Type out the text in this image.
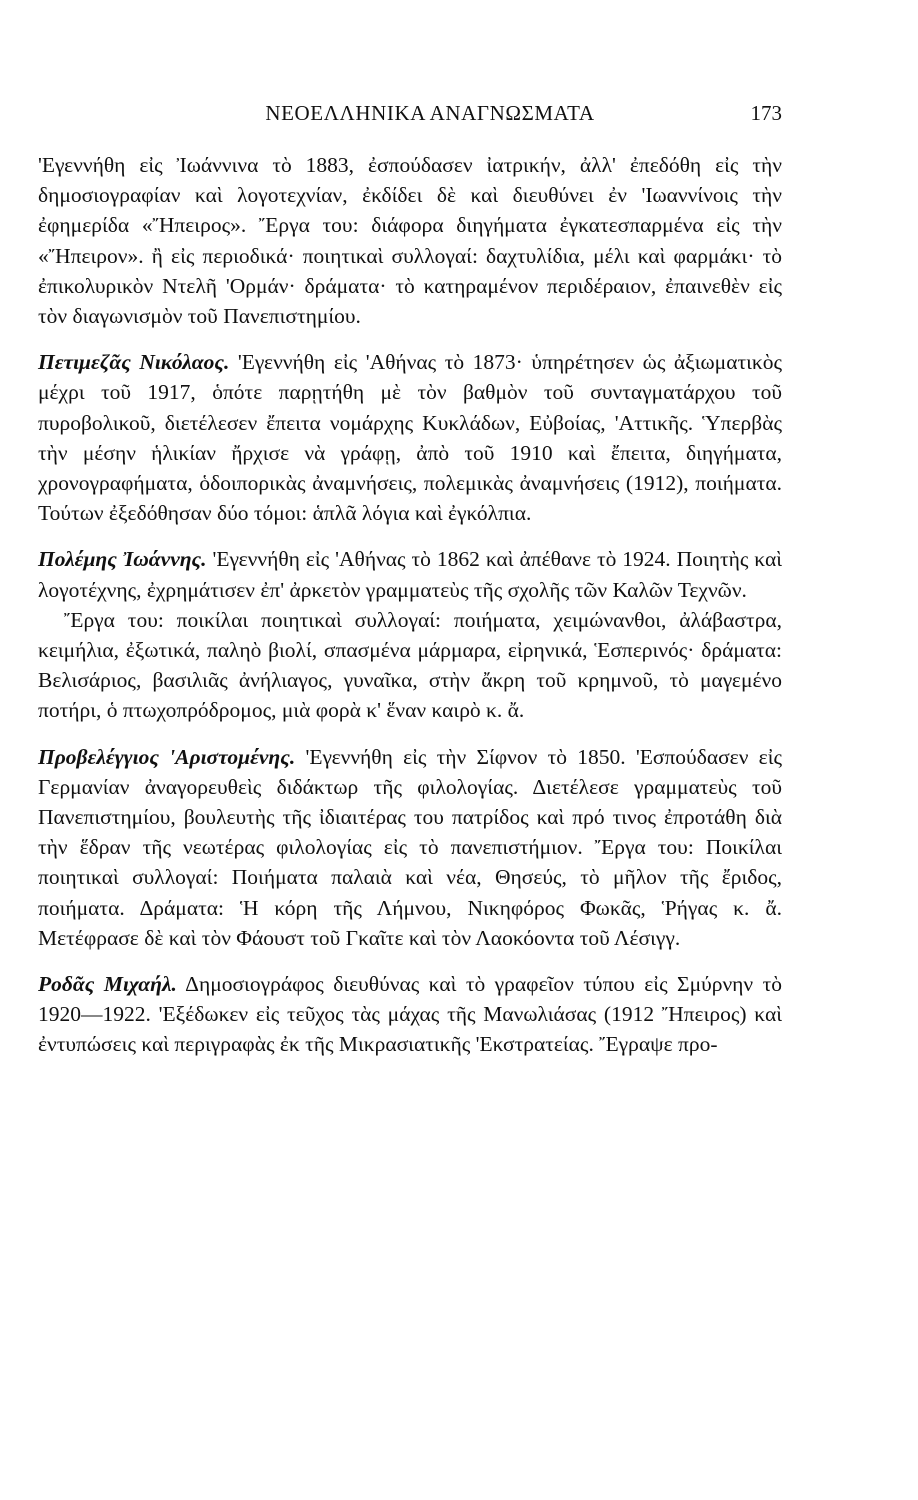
ΝΕΟΕΛΛΗΝΙΚΑ ΑΝΑΓΝΩΣΜΑΤΑ	173

'Εγεννήθη εἰς Ἰωάννινα τὸ 1883, ἐσπούδασεν ἰατρικήν, ἀλλ' ἐπεδόθη εἰς τὴν δημοσιογραφίαν καὶ λογοτεχνίαν, ἐκδίδει δὲ καὶ διευθύνει ἐν 'Ιωαννίνοις τὴν ἐφημερίδα «Ἤπειρος». Ἔργα του: διάφορα διηγήματα ἐγκατεσπαρμένα εἰς τὴν «Ἤπειρον». ἢ εἰς περιοδικά· ποιητικαὶ συλλογαί: δαχτυλίδια, μέλι καὶ φαρμάκι· τὸ ἐπικολυρικὸν Ντελῆ 'Ορμάν· δράματα· τὸ κατηραμένον περιδέραιον, ἐπαινεθὲν εἰς τὸν διαγωνισμὸν τοῦ Πανεπιστημίου.

Πετιμεζᾶς Νικόλαος. 'Εγεννήθη εἰς 'Αθήνας τὸ 1873· ὑπηρέτησεν ὡς ἀξιωματικὸς μέχρι τοῦ 1917, ὁπότε παρῃτήθη μὲ τὸν βαθμὸν τοῦ συνταγματάρχου τοῦ πυροβολικοῦ, διετέλεσεν ἔπειτα νομάρχης Κυκλάδων, Εὐβοίας, 'Αττικῆς. Ὑπερβὰς τὴν μέσην ἡλικίαν ἤρχισε νὰ γράφῃ, ἀπὸ τοῦ 1910 καὶ ἔπειτα, διηγήματα, χρονογραφήματα, ὁδοιπορικὰς ἀναμνήσεις, πολεμικὰς ἀναμνήσεις (1912), ποιήματα. Τούτων ἐξεδόθησαν δύο τόμοι: ἁπλᾶ λόγια καὶ ἐγκόλπια.

Πολέμης Ἰωάννης. 'Εγεννήθη εἰς 'Αθήνας τὸ 1862 καὶ ἀπέθανε τὸ 1924. Ποιητὴς καὶ λογοτέχνης, ἐχρημάτισεν ἐπ' ἀρκετὸν γραμματεὺς τῆς σχολῆς τῶν Καλῶν Τεχνῶν.

Ἔργα του: ποικίλαι ποιητικαὶ συλλογαί: ποιήματα, χειμώνανθοι, ἀλάβαστρα, κειμήλια, ἐξωτικά, παληὸ βιολί, σπασμένα μάρμαρα, εἰρηνικά, Ἑσπερινός· δράματα: Βελισάριος, βασιλιᾶς ἀνήλιαγος, γυναῖκα, στὴν ἄκρη τοῦ κρημνοῦ, τὸ μαγεμένο ποτήρι, ὁ πτωχοπρόδρομος, μιὰ φορὰ κ' ἕναν καιρὸ κ. ἄ.

Προβελέγγιος 'Αριστομένης. 'Εγεννήθη εἰς τὴν Σίφνον τὸ 1850. 'Εσπούδασεν εἰς Γερμανίαν ἀναγορευθεὶς διδάκτωρ τῆς φιλολογίας. Διετέλεσε γραμματεὺς τοῦ Πανεπιστημίου, βουλευτὴς τῆς ἰδιαιτέρας του πατρίδος καὶ πρό τινος ἐπροτάθη διὰ τὴν ἕδραν τῆς νεωτέρας φιλολογίας εἰς τὸ πανεπιστήμιον. Ἔργα του: Ποικίλαι ποιητικαὶ συλλογαί: Ποιήματα παλαιὰ καὶ νέα, Θησεύς, τὸ μῆλον τῆς ἔριδος, ποιήματα. Δράματα: Ἡ κόρη τῆς Λήμνου, Νικηφόρος Φωκᾶς, Ῥήγας κ. ἄ. Μετέφρασε δὲ καὶ τὸν Φάουστ τοῦ Γκαῖτε καὶ τὸν Λαοκόοντα τοῦ Λέσιγγ.

Ροδᾶς Μιχαήλ. Δημοσιογράφος διευθύνας καὶ τὸ γραφεῖον τύπου εἰς Σμύρνην τὸ 1920—1922. 'Εξέδωκεν εἰς τεῦχος τὰς μάχας τῆς Μανωλιάσας (1912 Ἤπειρος) καὶ ἐντυπώσεις καὶ περιγραφὰς ἐκ τῆς Μικρασιατικῆς 'Εκστρατείας. Ἔγραψε προ-
